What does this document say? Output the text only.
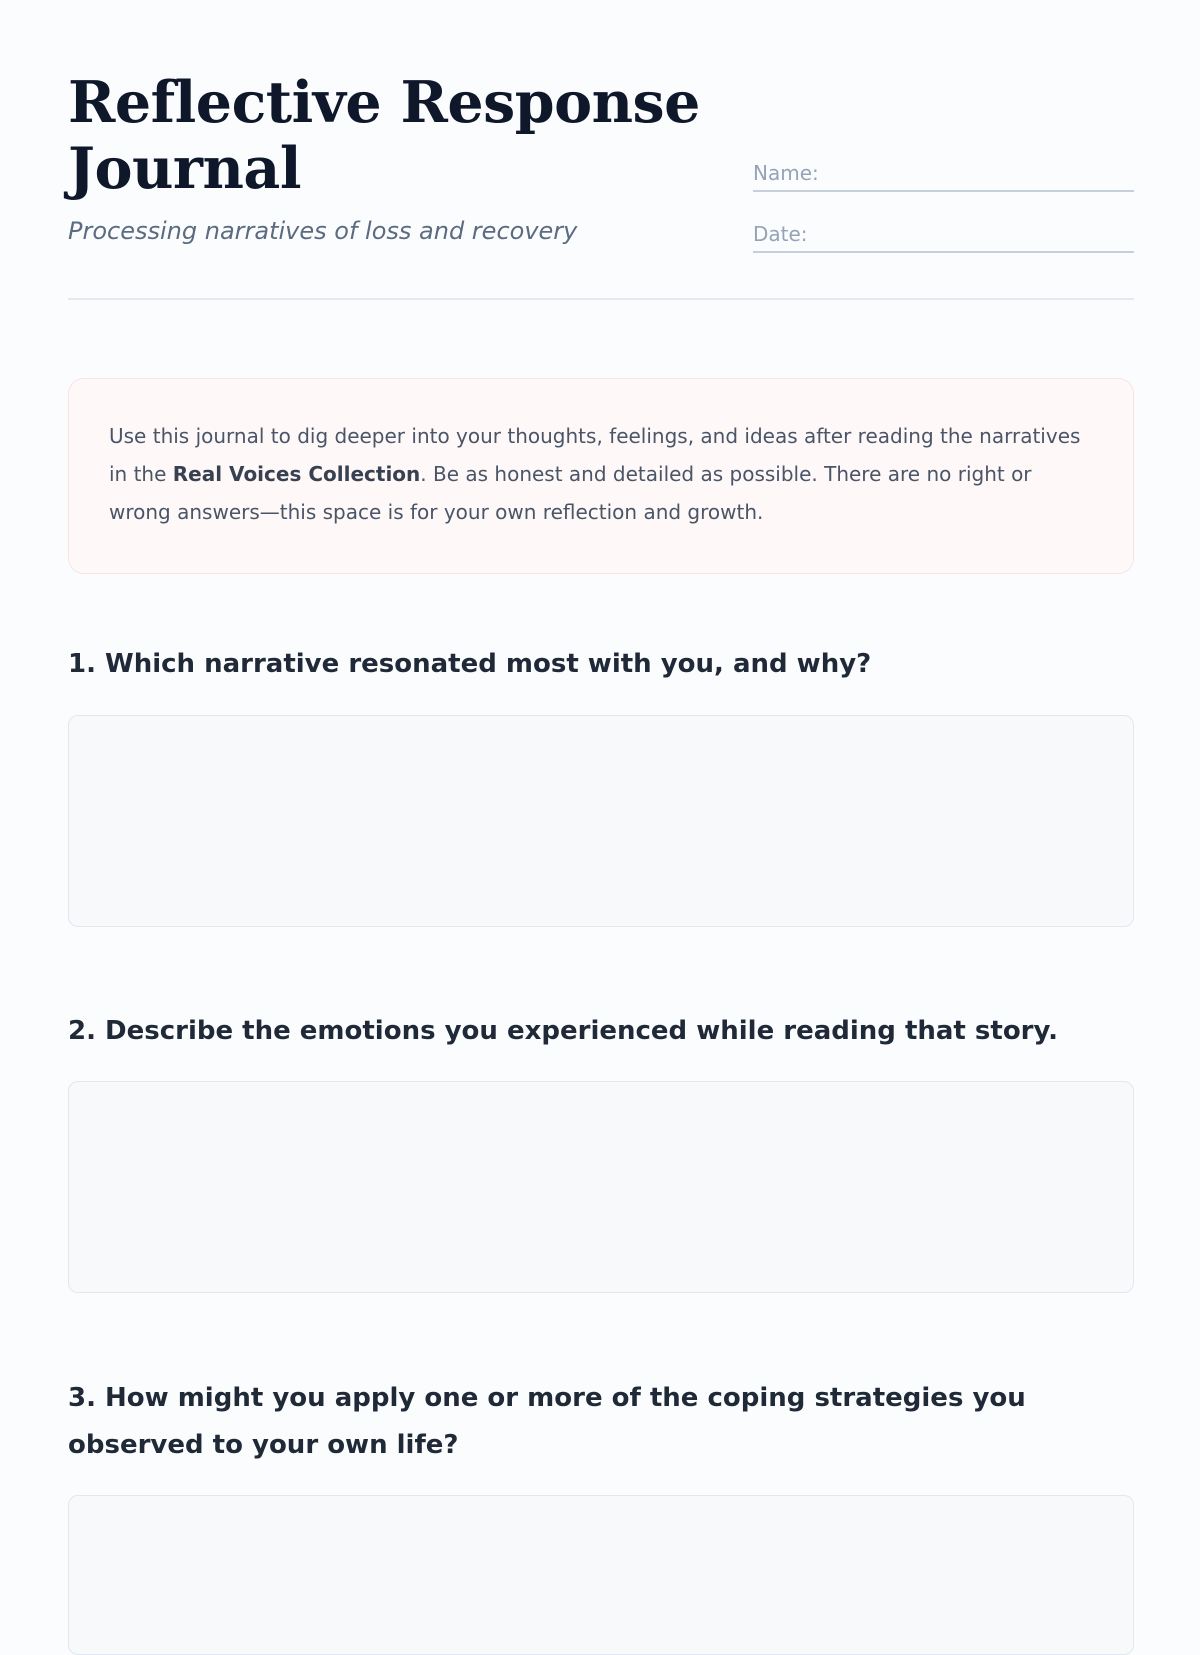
Reflective Response Journal

Processing narratives of loss and recovery

Name:
Date:
Use this journal to dig deeper into your thoughts, feelings, and ideas after reading the narratives in the Real Voices Collection. Be as honest and detailed as possible. There are no right or wrong answers—this space is for your own reflection and growth.
1. Which narrative resonated most with you, and why?
2. Describe the emotions you experienced while reading that story.
3. How might you apply one or more of the coping strategies you observed to your own life?
